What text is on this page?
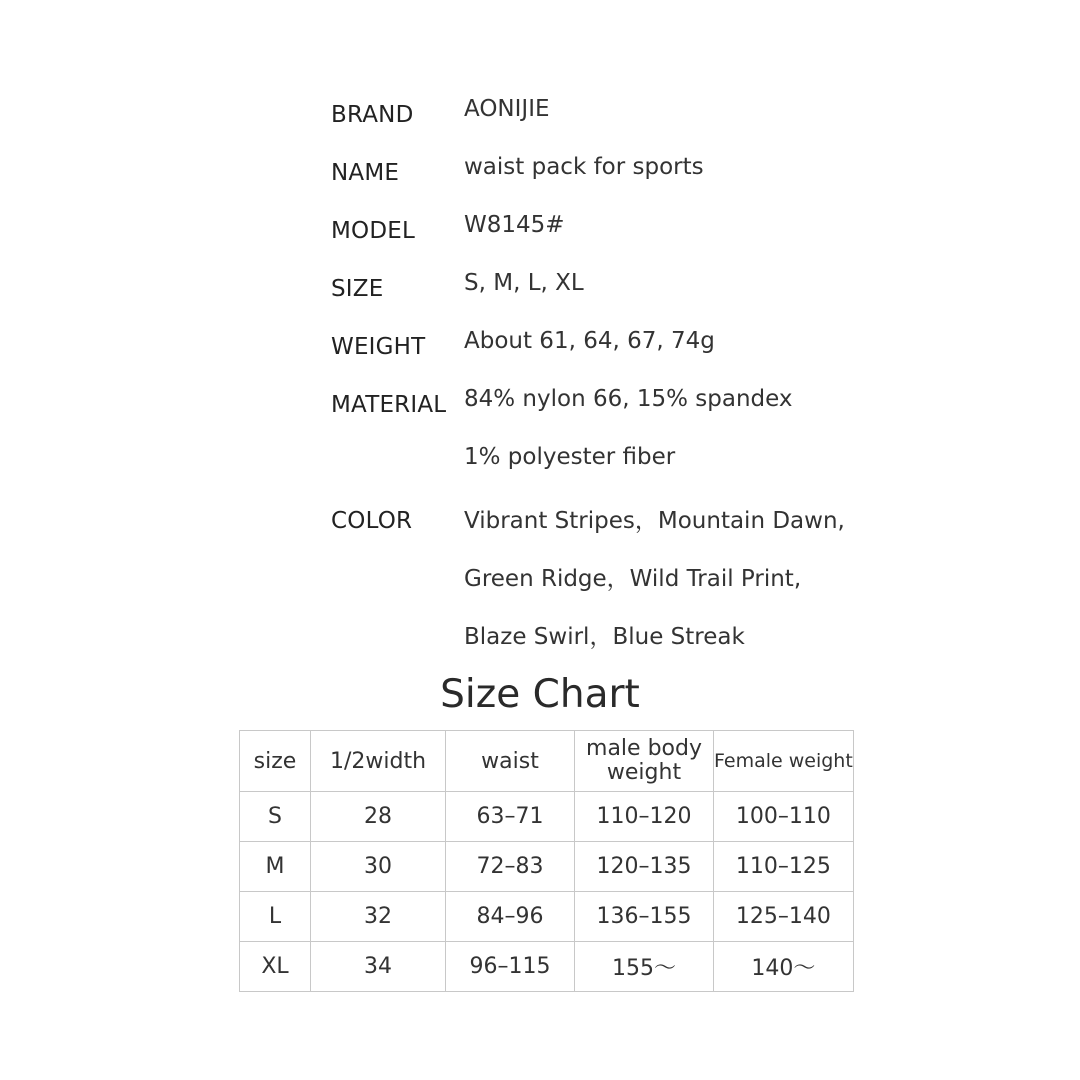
BRAND AONIJIE
NAME	waist pack for sports
MODEL W8145#
SIZE	S, M, L, XL
WEIGHT About 61, 64, 67, 74g
MATERIAL 84% nylon 66, 15% spandex
1% polyester fiber
COLOR Vibrant Stripes，Mountain Dawn,
Green Ridge，Wild Trail Print,
Blaze Swirl，Blue Streak
Size Chart
size	1/2width	waist	male body weight	Female weight
S	28	63–71	110–120	100–110
M	30	72–83	120–135	110–125
L	32	84–96	136–155	125–140
XL	34	96–115	155～	140～
